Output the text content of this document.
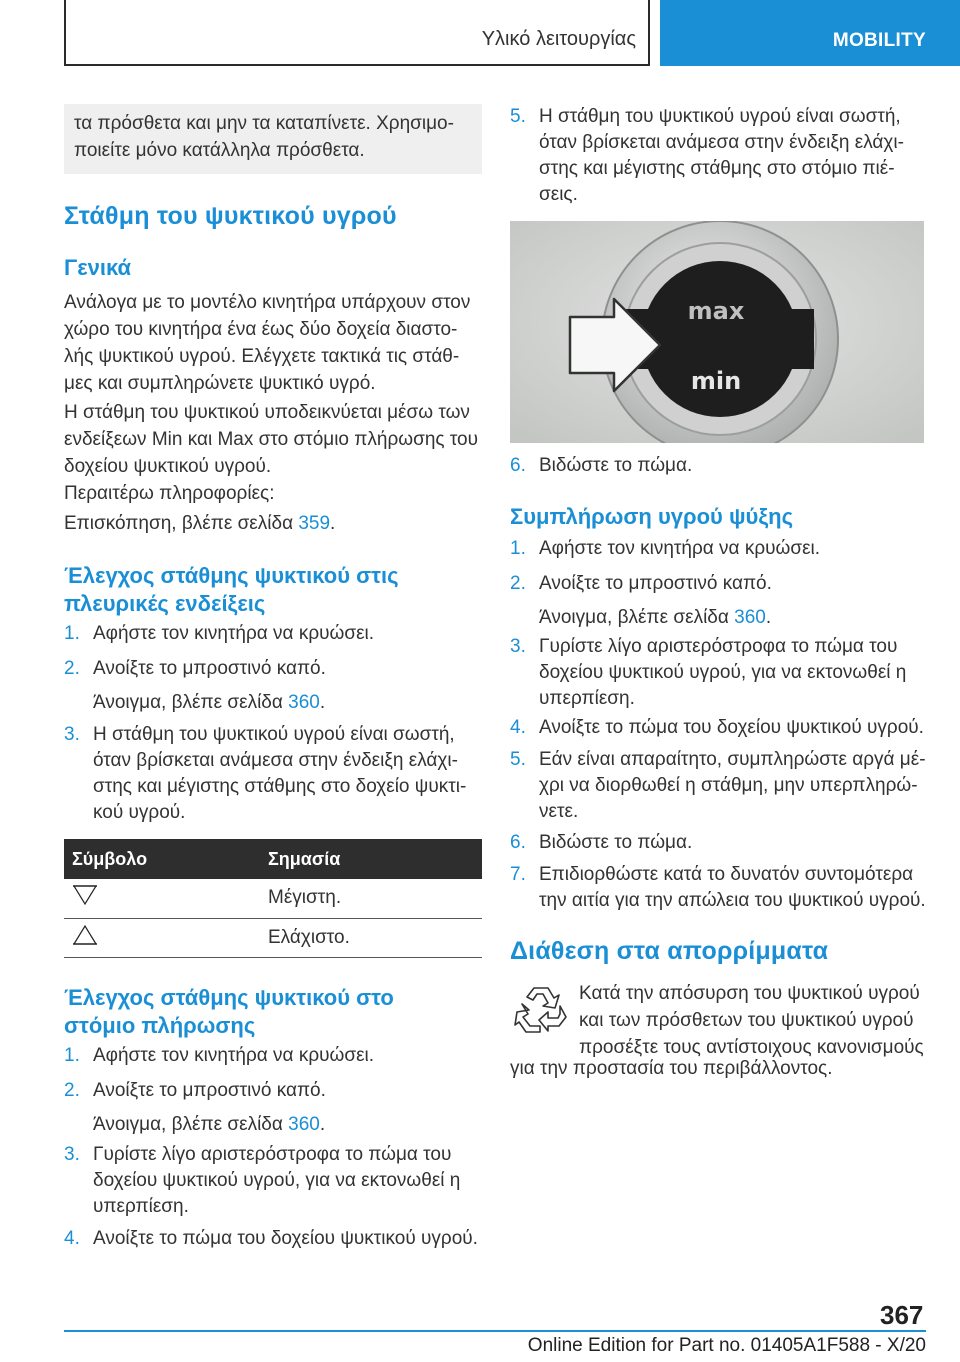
Υλικό λειτουργίας	MOBILITY
τα πρόσθετα και μην τα καταπίνετε. Χρησιμο-
ποιείτε μόνο κατάλληλα πρόσθετα.
Στάθμη του ψυκτικού υγρού
Γενικά
Ανάλογα με το μοντέλο κινητήρα υπάρχουν στον
χώρο του κινητήρα ένα έως δύο δοχεία διαστο-
λής ψυκτικού υγρού. Ελέγχετε τακτικά τις στάθ-
μες και συμπληρώνετε ψυκτικό υγρό.
Η στάθμη του ψυκτικού υποδεικνύεται μέσω των
ενδείξεων Min και Max στο στόμιο πλήρωσης του
δοχείου ψυκτικού υγρού.
Περαιτέρω πληροφορίες:
Επισκόπηση, βλέπε σελίδα 359.
Έλεγχος στάθμης ψυκτικού στις
πλευρικές ενδείξεις
1. Αφήστε τον κινητήρα να κρυώσει.
2. Ανοίξτε το μπροστινό καπό.
Άνοιγμα, βλέπε σελίδα 360.
3. Η στάθμη του ψυκτικού υγρού είναι σωστή,
όταν βρίσκεται ανάμεσα στην ένδειξη ελάχι-
στης και μέγιστης στάθμης στο δοχείο ψυκτι-
κού υγρού.
Σύμβολο	Σημασία
	Μέγιστη.
	Ελάχιστο.
Έλεγχος στάθμης ψυκτικού στο
στόμιο πλήρωσης
1. Αφήστε τον κινητήρα να κρυώσει.
2. Ανοίξτε το μπροστινό καπό.
Άνοιγμα, βλέπε σελίδα 360.
3. Γυρίστε λίγο αριστερόστροφα το πώμα του
δοχείου ψυκτικού υγρού, για να εκτονωθεί η
υπερπίεση.
4. Ανοίξτε το πώμα του δοχείου ψυκτικού υγρού.
5. Η στάθμη του ψυκτικού υγρού είναι σωστή,
όταν βρίσκεται ανάμεσα στην ένδειξη ελάχι-
στης και μέγιστης στάθμης στο στόμιο πιέ-
σεις.
max
min
6. Βιδώστε το πώμα.
Συμπλήρωση υγρού ψύξης
1. Αφήστε τον κινητήρα να κρυώσει.
2. Ανοίξτε το μπροστινό καπό.
Άνοιγμα, βλέπε σελίδα 360.
3. Γυρίστε λίγο αριστερόστροφα το πώμα του
δοχείου ψυκτικού υγρού, για να εκτονωθεί η
υπερπίεση.
4. Ανοίξτε το πώμα του δοχείου ψυκτικού υγρού.
5. Εάν είναι απαραίτητο, συμπληρώστε αργά μέ-
χρι να διορθωθεί η στάθμη, μην υπερπληρώ-
νετε.
6. Βιδώστε το πώμα.
7. Επιδιορθώστε κατά το δυνατόν συντομότερα
την αιτία για την απώλεια του ψυκτικού υγρού.
Διάθεση στα απορρίμματα
Κατά την απόσυρση του ψυκτικού υγρού
και των πρόσθετων του ψυκτικού υγρού
προσέξτε τους αντίστοιχους κανονισμούς
για την προστασία του περιβάλλοντος.
367
Online Edition for Part no. 01405A1F588 - X/20
